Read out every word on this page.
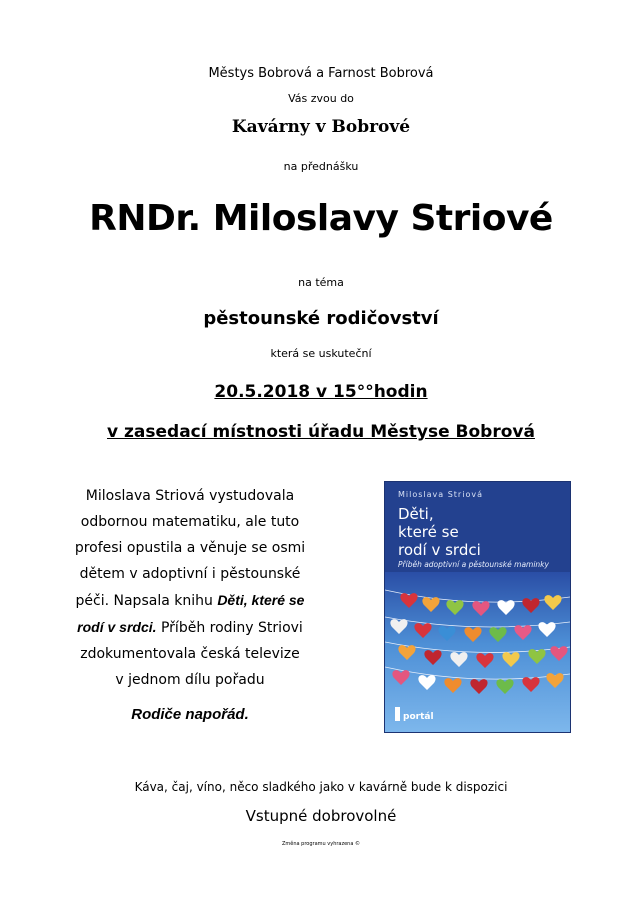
Městys Bobrová a Farnost Bobrová
Vás zvou do
Kavárny v Bobrové
na přednášku
RNDr. Miloslavy Striové
na téma
pěstounské rodičovství
která se uskuteční
20.5.2018 v 15°°hodin
v zasedací místnosti úřadu Městyse Bobrová
Miloslava Striová vystudovala
odbornou matematiku, ale tuto
profesi opustila a věnuje se osmi
dětem v adoptivní i pěstounské
péči. Napsala knihu Děti, které se
rodí v srdci. Příběh rodiny Striovi
zdokumentovala česká televize
v jednom dílu pořadu
Rodiče napořád.
Miloslava Striová
Děti,
které se
rodí v srdci
Příběh adoptivní a pěstounské maminky
portál
Káva, čaj, víno, něco sladkého jako v kavárně bude k dispozici
Vstupné dobrovolné
Změna programu vyhrazena ©
